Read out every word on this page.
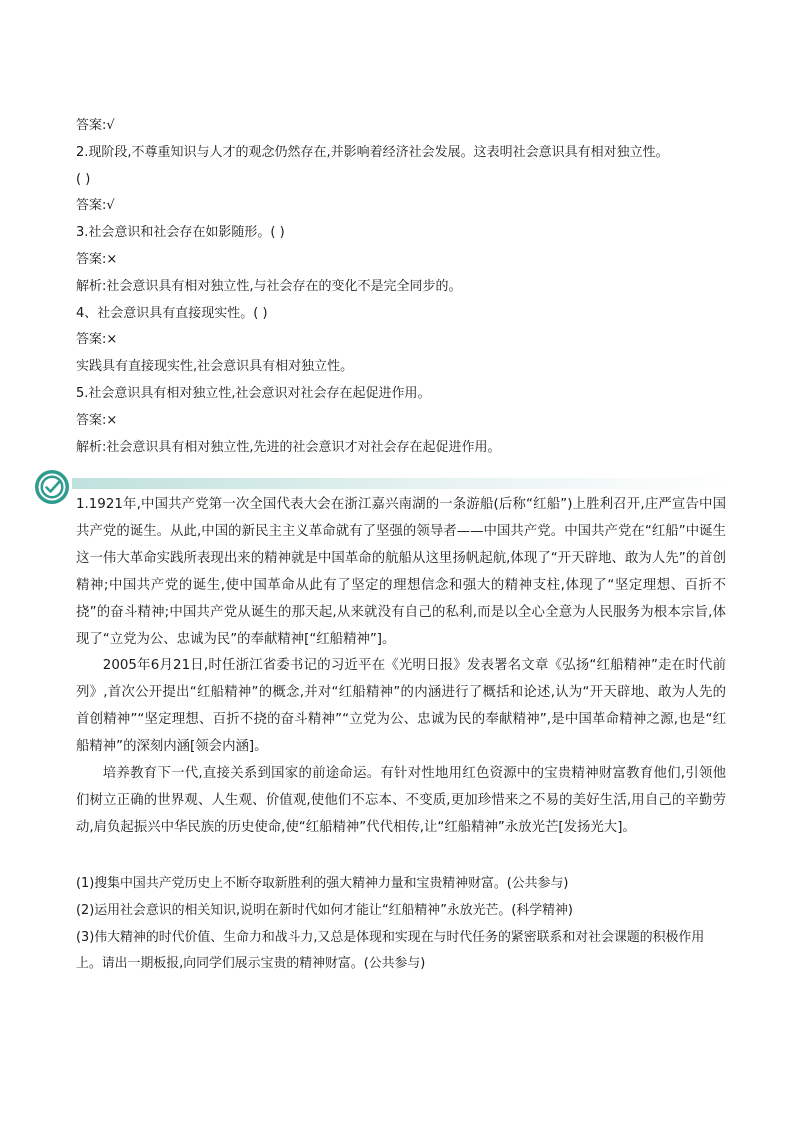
答案:√
2.现阶段,不尊重知识与人才的观念仍然存在,并影响着经济社会发展。这表明社会意识具有相对独立性。
( )
答案:√
3.社会意识和社会存在如影随形。( )
答案:×
解析:社会意识具有相对独立性,与社会存在的变化不是完全同步的。
4、社会意识具有直接现实性。( )
答案:×
实践具有直接现实性,社会意识具有相对独立性。
5.社会意识具有相对独立性,社会意识对社会存在起促进作用。
答案:×
解析:社会意识具有相对独立性,先进的社会意识才对社会存在起促进作用。

1.1921年,中国共产党第一次全国代表大会在浙江嘉兴南湖的一条游船(后称“红船”)上胜利召开,庄严宣告中国共产党的诞生。从此,中国的新民主主义革命就有了坚强的领导者——中国共产党。中国共产党在“红船”中诞生这一伟大革命实践所表现出来的精神就是中国革命的航船从这里扬帆起航,体现了“开天辟地、敢为人先”的首创精神;中国共产党的诞生,使中国革命从此有了坚定的理想信念和强大的精神支柱,体现了“坚定理想、百折不挠”的奋斗精神;中国共产党从诞生的那天起,从来就没有自己的私利,而是以全心全意为人民服务为根本宗旨,体现了“立党为公、忠诚为民”的奉献精神[“红船精神”]。

2005年6月21日,时任浙江省委书记的习近平在《光明日报》发表署名文章《弘扬“红船精神”走在时代前列》,首次公开提出“红船精神”的概念,并对“红船精神”的内涵进行了概括和论述,认为“开天辟地、敢为人先的首创精神”“坚定理想、百折不挠的奋斗精神”“立党为公、忠诚为民的奉献精神”,是中国革命精神之源,也是“红船精神”的深刻内涵[领会内涵]。

培养教育下一代,直接关系到国家的前途命运。有针对性地用红色资源中的宝贵精神财富教育他们,引领他们树立正确的世界观、人生观、价值观,使他们不忘本、不变质,更加珍惜来之不易的美好生活,用自己的辛勤劳动,肩负起振兴中华民族的历史使命,使“红船精神”代代相传,让“红船精神”永放光芒[发扬光大]。

(1)搜集中国共产党历史上不断夺取新胜利的强大精神力量和宝贵精神财富。(公共参与)

(2)运用社会意识的相关知识,说明在新时代如何才能让“红船精神”永放光芒。(科学精神)

(3)伟大精神的时代价值、生命力和战斗力,又总是体现和实现在与时代任务的紧密联系和对社会课题的积极作用上。请出一期板报,向同学们展示宝贵的精神财富。(公共参与)
